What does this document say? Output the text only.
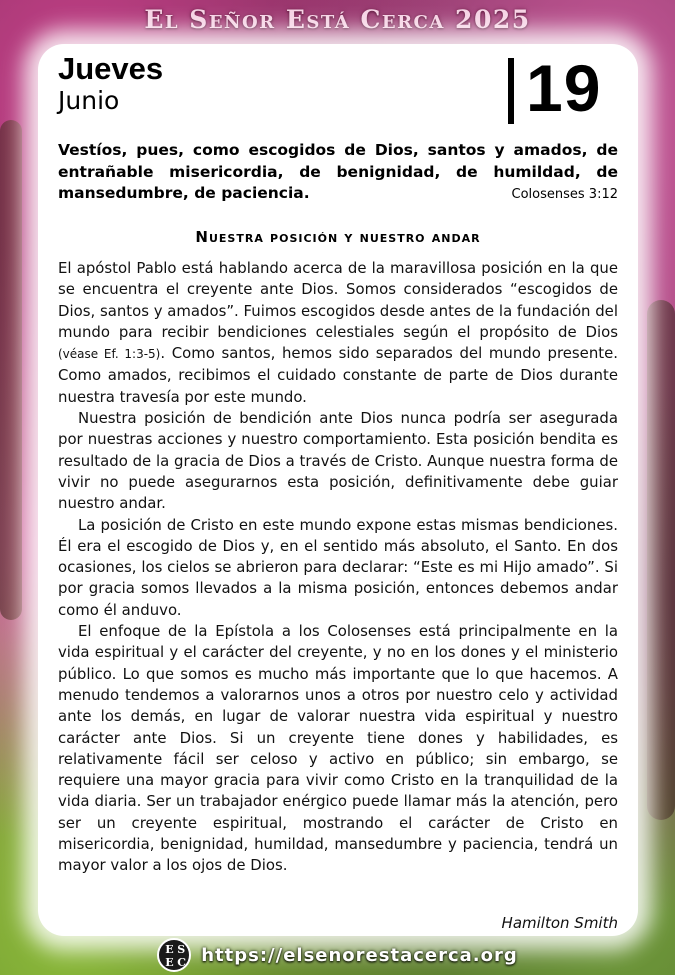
El Señor Está Cerca 2025
Jueves
Junio	19
Vestíos, pues, como escogidos de Dios, santos y amados, de entrañable misericordia, de benignidad, de humildad, de mansedumbre, de paciencia.	Colosenses 3:12
Nuestra posición y nuestro andar

El apóstol Pablo está hablando acerca de la maravillosa posición en la que se encuentra el creyente ante Dios. Somos considerados “escogidos de Dios, santos y amados”. Fuimos escogidos desde antes de la fundación del mundo para recibir bendiciones celestiales según el propósito de Dios (véase Ef. 1:3-5). Como santos, hemos sido separados del mundo presente. Como amados, recibimos el cuidado constante de parte de Dios durante nuestra travesía por este mundo.

Nuestra posición de bendición ante Dios nunca podría ser asegurada por nuestras acciones y nuestro comportamiento. Esta posición bendita es resultado de la gracia de Dios a través de Cristo. Aunque nuestra forma de vivir no puede asegurarnos esta posición, definitivamente debe guiar nuestro andar.

La posición de Cristo en este mundo expone estas mismas bendiciones. Él era el escogido de Dios y, en el sentido más absoluto, el Santo. En dos ocasiones, los cielos se abrieron para declarar: “Este es mi Hijo amado”. Si por gracia somos llevados a la misma posición, entonces debemos andar como él anduvo.

El enfoque de la Epístola a los Colosenses está principalmente en la vida espiritual y el carácter del creyente, y no en los dones y el ministerio público. Lo que somos es mucho más importante que lo que hacemos. A menudo tendemos a valorarnos unos a otros por nuestro celo y actividad ante los demás, en lugar de valorar nuestra vida espiritual y nuestro carácter ante Dios. Si un creyente tiene dones y habilidades, es relativamente fácil ser celoso y activo en público; sin embargo, se requiere una mayor gracia para vivir como Cristo en la tranquilidad de la vida diaria. Ser un trabajador enérgico puede llamar más la atención, pero ser un creyente espiritual, mostrando el carácter de Cristo en misericordia, benignidad, humildad, mansedumbre y paciencia, tendrá un mayor valor a los ojos de Dios.

Hamilton Smith
E S
E C https://elsenorestacerca.org
